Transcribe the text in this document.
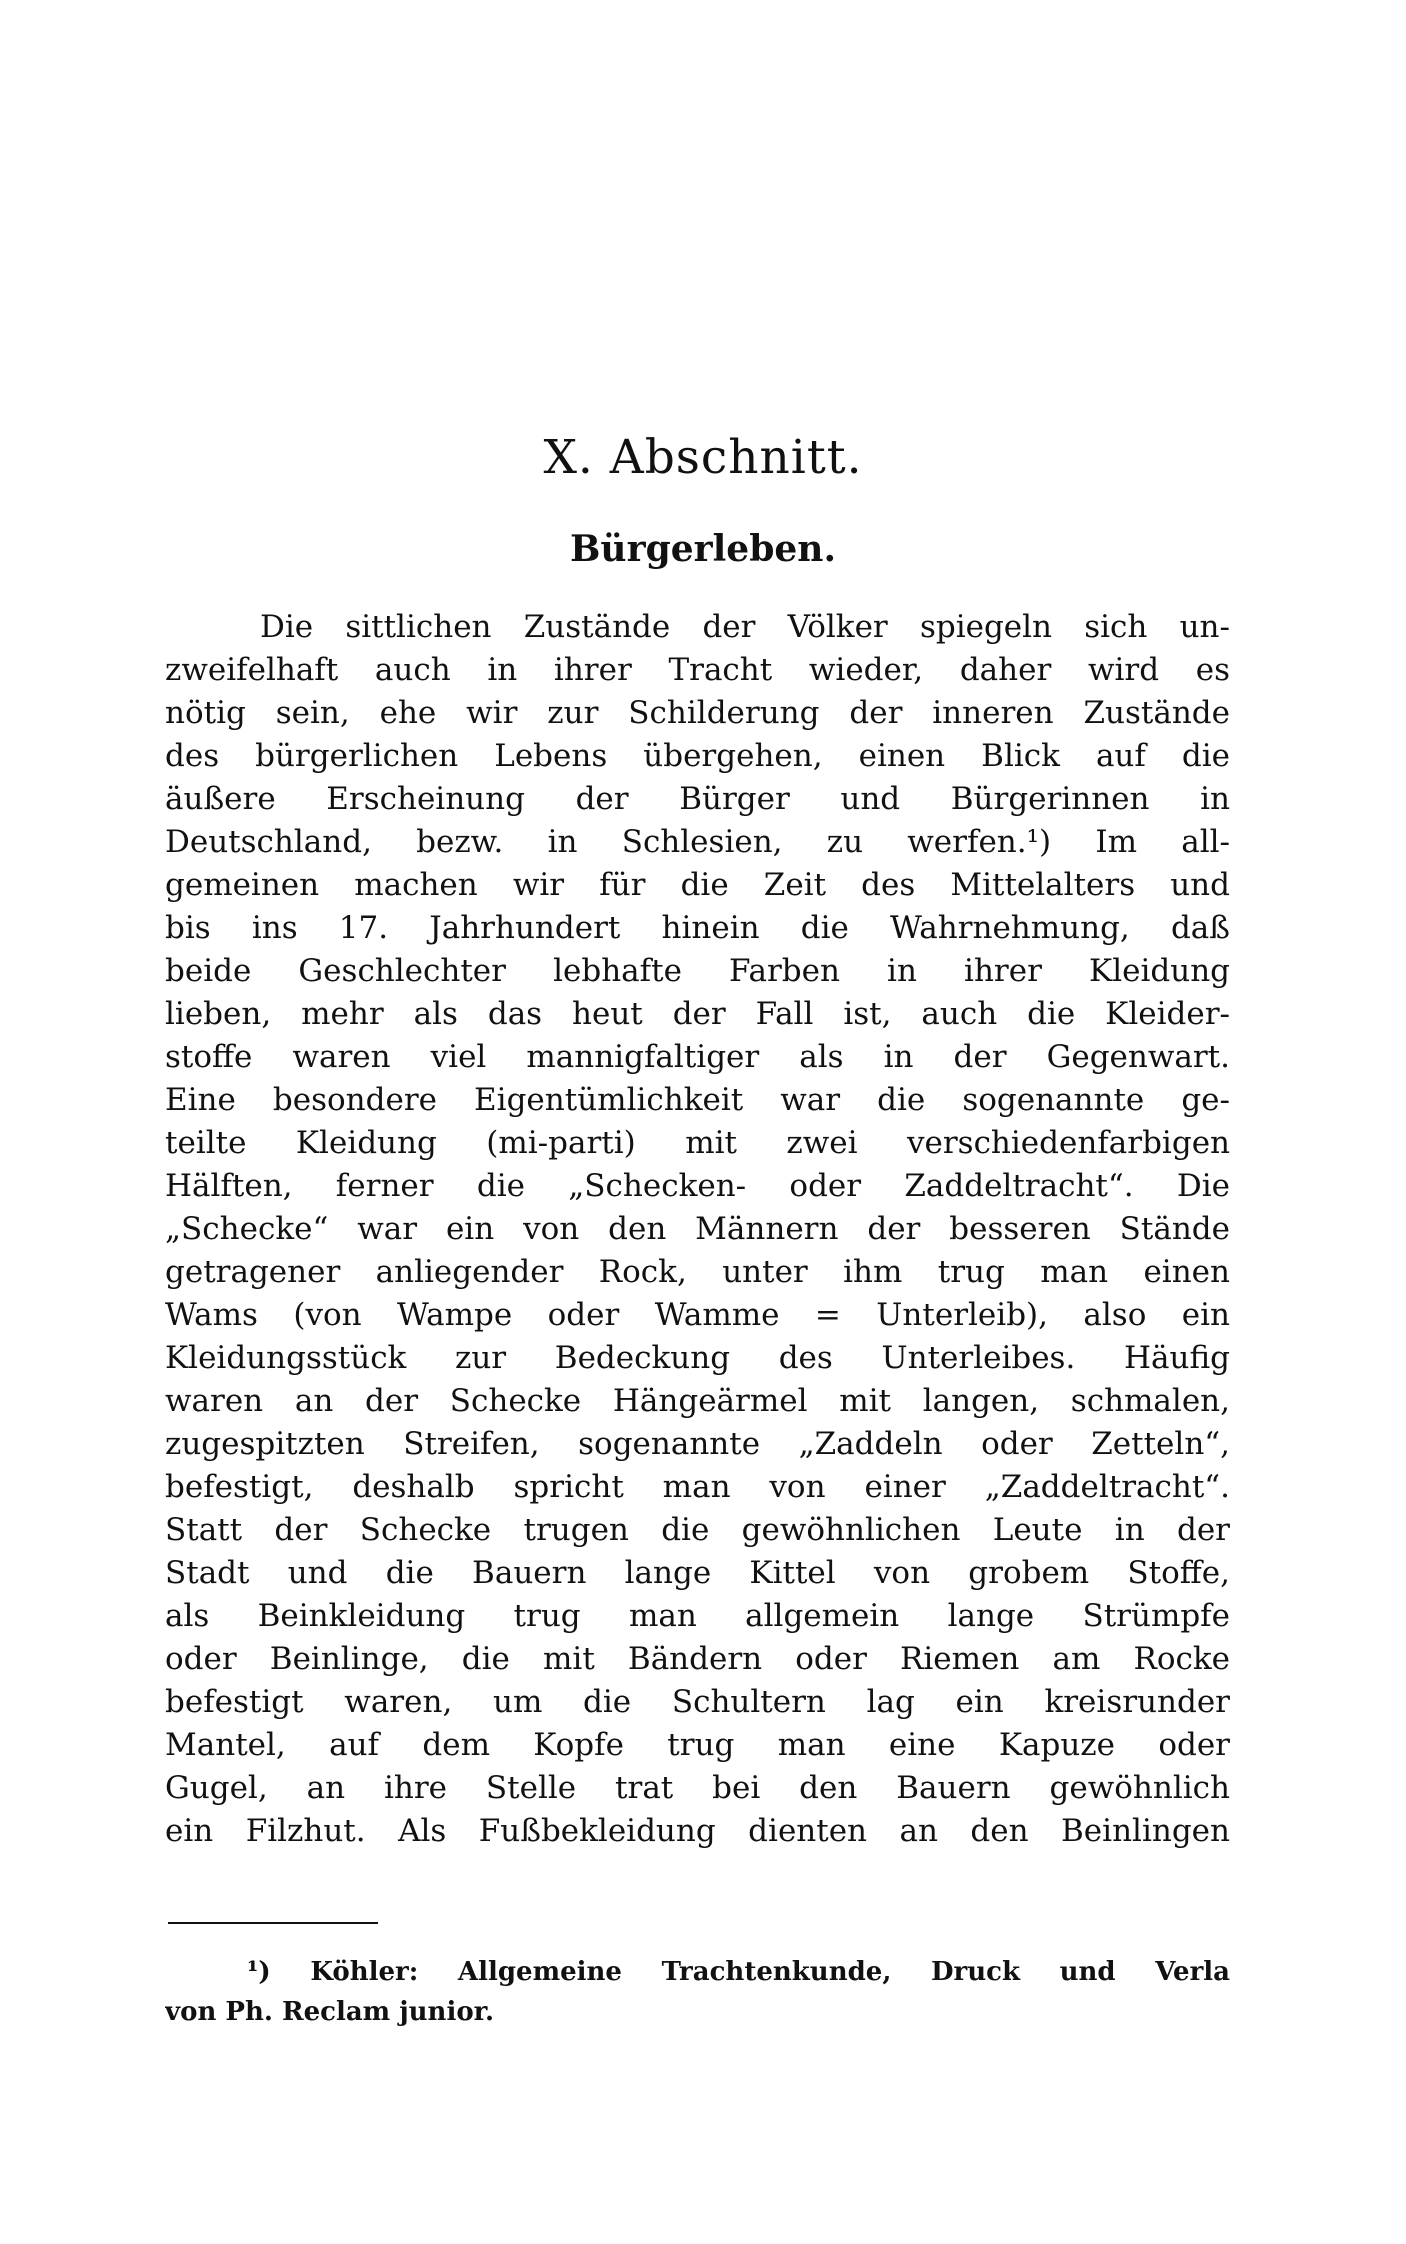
X. Abschnitt.
Bürgerleben.
Die sittlichen Zustände der Völker spiegeln sich un-
zweifelhaft auch in ihrer Tracht wieder, daher wird es
nötig sein, ehe wir zur Schilderung der inneren Zustände
des bürgerlichen Lebens übergehen, einen Blick auf die
äußere Erscheinung der Bürger und Bürgerinnen in
Deutschland, bezw. in Schlesien, zu werfen.¹) Im all-
gemeinen machen wir für die Zeit des Mittelalters und
bis ins 17. Jahrhundert hinein die Wahrnehmung, daß
beide Geschlechter lebhafte Farben in ihrer Kleidung
lieben, mehr als das heut der Fall ist, auch die Kleider-
stoffe waren viel mannigfaltiger als in der Gegenwart.
Eine besondere Eigentümlichkeit war die sogenannte ge-
teilte Kleidung (mi-parti) mit zwei verschiedenfarbigen
Hälften, ferner die „Schecken- oder Zaddeltracht“. Die
„Schecke“ war ein von den Männern der besseren Stände
getragener anliegender Rock, unter ihm trug man einen
Wams (von Wampe oder Wamme = Unterleib), also ein
Kleidungsstück zur Bedeckung des Unterleibes. Häufig
waren an der Schecke Hängeärmel mit langen, schmalen,
zugespitzten Streifen, sogenannte „Zaddeln oder Zetteln“,
befestigt, deshalb spricht man von einer „Zaddeltracht“.
Statt der Schecke trugen die gewöhnlichen Leute in der
Stadt und die Bauern lange Kittel von grobem Stoffe,
als Beinkleidung trug man allgemein lange Strümpfe
oder Beinlinge, die mit Bändern oder Riemen am Rocke
befestigt waren, um die Schultern lag ein kreisrunder
Mantel, auf dem Kopfe trug man eine Kapuze oder
Gugel, an ihre Stelle trat bei den Bauern gewöhnlich
ein Filzhut. Als Fußbekleidung dienten an den Beinlingen
¹) Köhler: Allgemeine Trachtenkunde, Druck und Verla
von Ph. Reclam junior.
